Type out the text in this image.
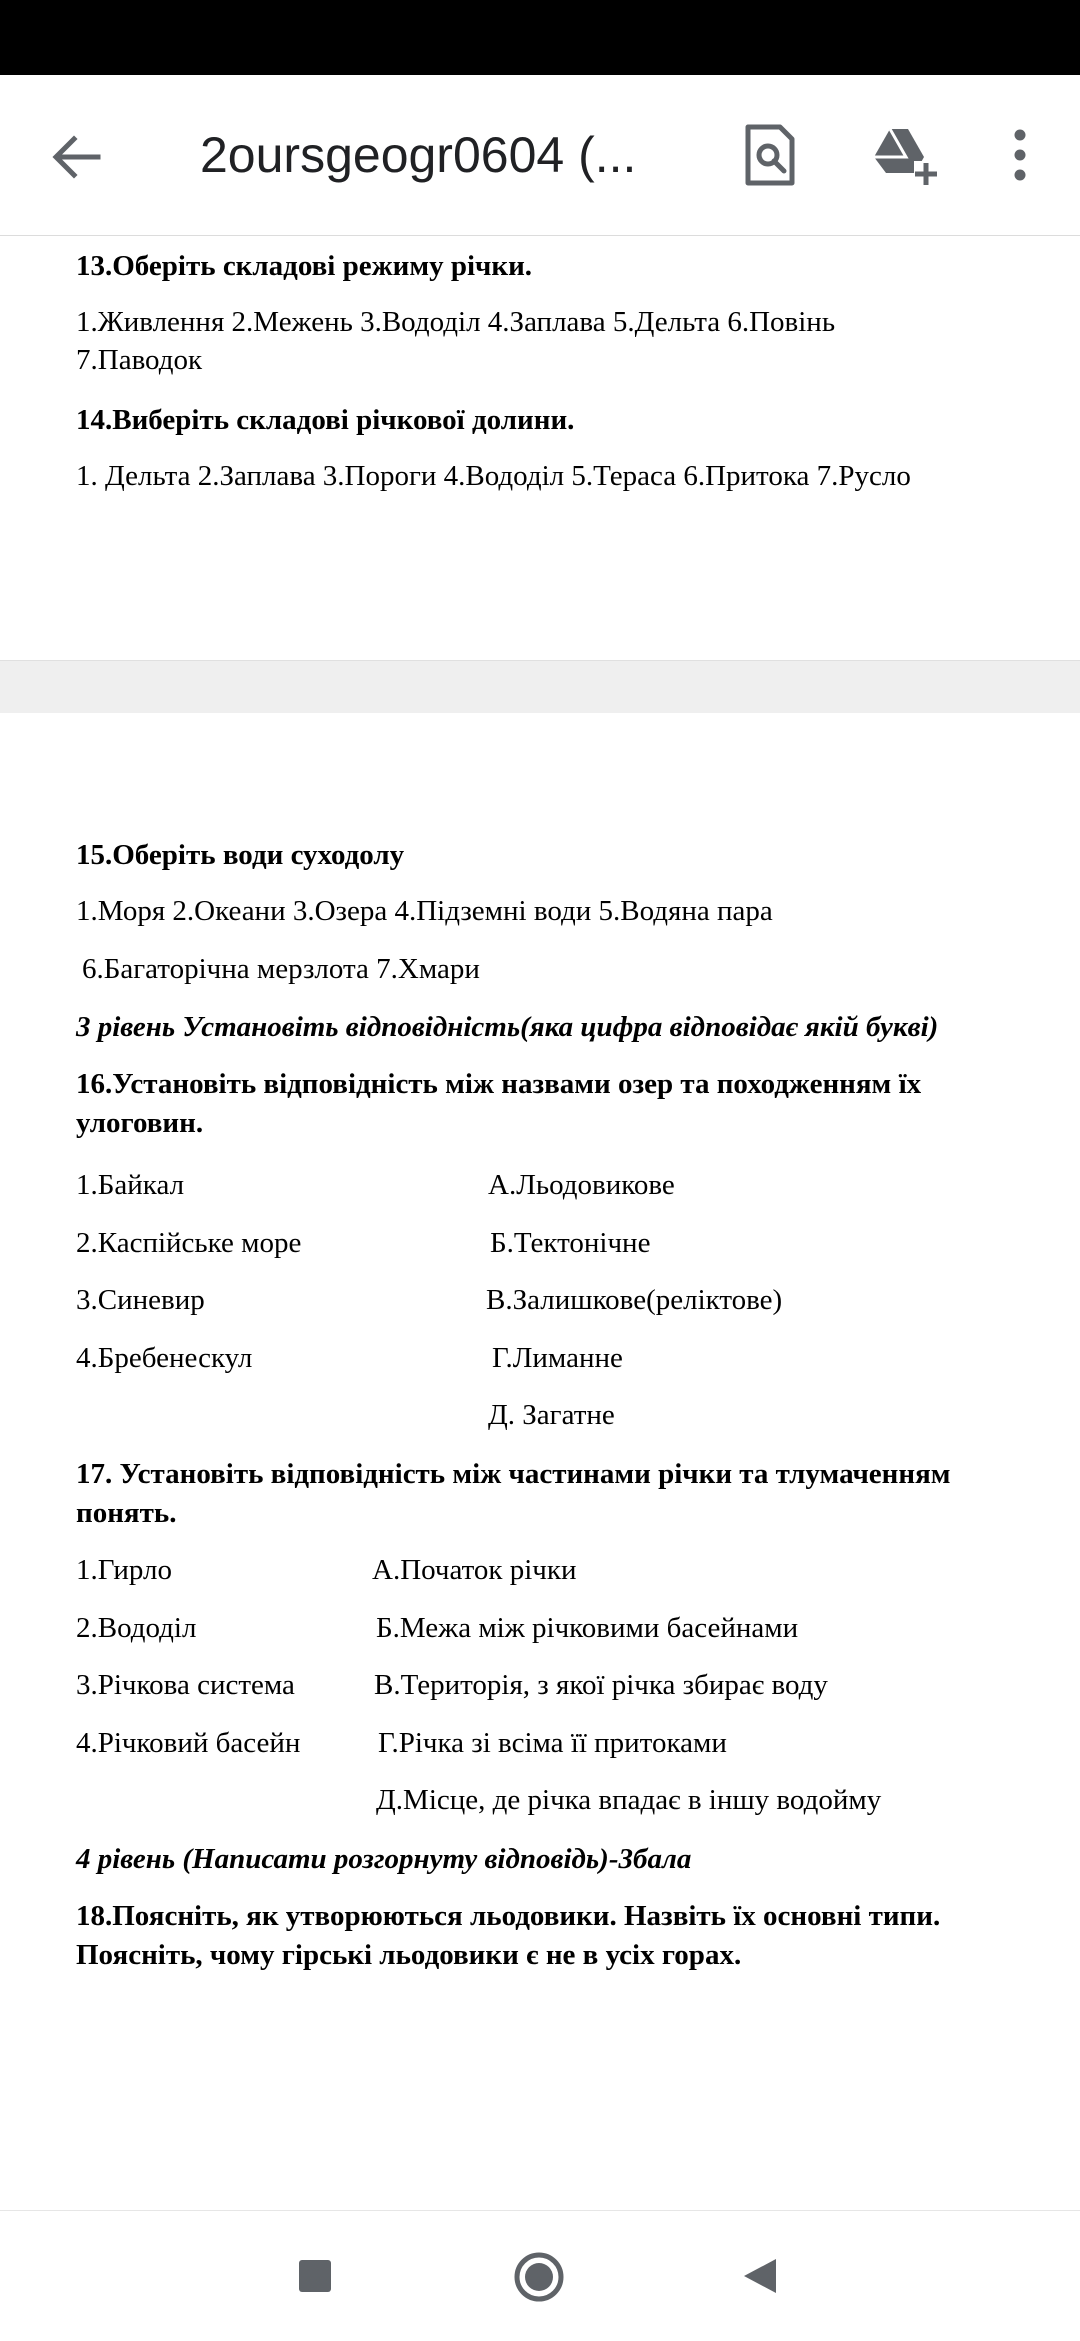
2oursgeogr0604 (...
13.Оберіть складові режиму річки.
1.Живлення 2.Межень 3.Вододіл 4.Заплава 5.Дельта 6.Повінь
7.Паводок
14.Виберіть складові річкової долини.
1. Дельта 2.Заплава 3.Пороги 4.Вододіл 5.Тераса 6.Притока 7.Русло
15.Оберіть води суходолу
1.Моря 2.Океани 3.Озера 4.Підземні води 5.Водяна пара
6.Багаторічна мерзлота 7.Хмари
3 рівень Установіть відповідність(яка цифра відповідає якій букві)
16.Установіть відповідність між назвами озер та походженням їх улоговин.
1.Байкал
2.Каспійське море
3.Синевир
4.Бребенескул
А.Льодовикове
Б.Тектонічне
В.Залишкове(реліктове)
Г.Лиманне
Д. Загатне
17. Установіть відповідність між частинами річки та тлумаченням понять.
1.Гирло
2.Вододіл
3.Річкова система
4.Річковий басейн
А.Початок річки
Б.Межа між річковими басейнами
В.Територія, з якої річка збирає воду
Г.Річка зі всіма її притоками
Д.Місце, де річка впадає в іншу водойму
4 рівень (Написати розгорнуту відповідь)-3бала
18.Поясніть, як утворюються льодовики. Назвіть їх основні типи. Поясніть, чому гірські льодовики є не в усіх горах.
